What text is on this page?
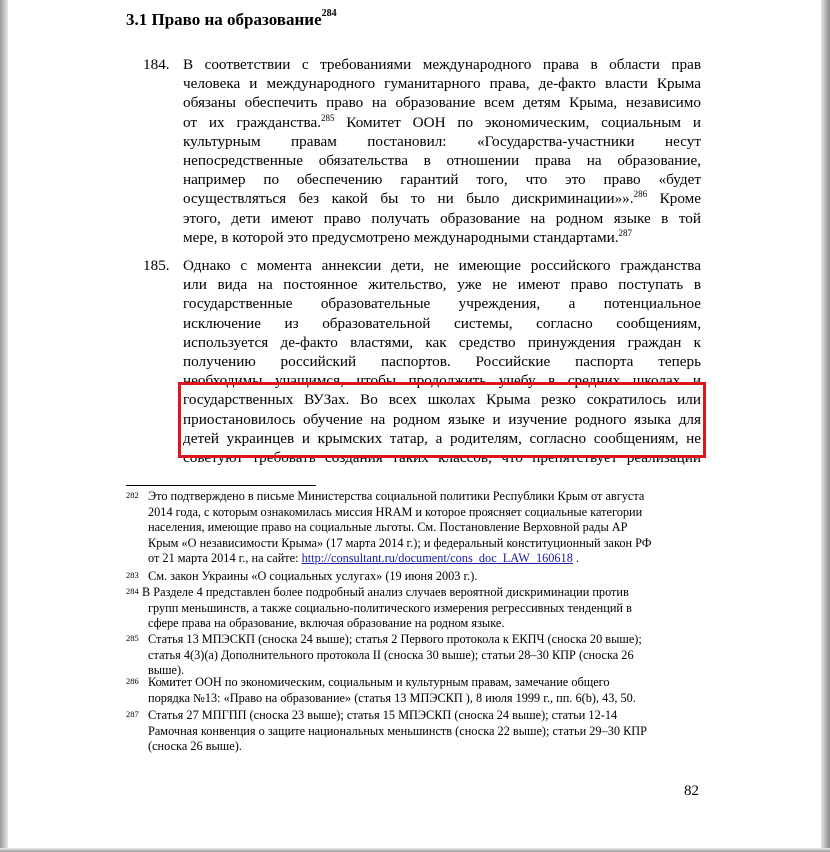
3.1 Право на образование$^{284}$
184. В соответствии с требованиями международного права в области прав
человека и международного гуманитарного права, де-факто власти Крыма
обязаны обеспечить право на образование всем детям Крыма, независимо
от их гражданства.$^{285}$ Комитет ООН по экономическим, социальным и
культурным правам постановил: «Государства-участники несут
непосредственные обязательства в отношении права на образование,
например по обеспечению гарантий того, что это право «будет
осуществляться без какой бы то ни было дискриминации»».$^{286}$ Кроме
этого, дети имеют право получать образование на родном языке в той
мере, в которой это предусмотрено международными стандартами.$^{287}$
185. Однако с момента аннексии дети, не имеющие российского гражданства
или вида на постоянное жительство, уже не имеют право поступать в
государственные образовательные учреждения, а потенциальное
исключение из образовательной системы, согласно сообщениям,
используется де-факто властями, как средство принуждения граждан к
получению российский паспортов. Российские паспорта теперь
необходимы учащимся, чтобы продолжить учебу в средних школах и
государственных ВУЗах. Во всех школах Крыма резко сократилось или
приостановилось обучение на родном языке и изучение родного языка для
детей украинцев и крымских татар, а родителям, согласно сообщениям, не
советуют требовать создания таких классов, что препятствует реализации
282 Это подтверждено в письме Министерства социальной политики Республики Крым от августа
2014 года, с которым ознакомилась миссия HRAM и которое проясняет социальные категории
населения, имеющие право на социальные льготы. См. Постановление Верховной рады АР
Крым «О независимости Крыма» (17 марта 2014 г.); и федеральный конституционный закон РФ
от 21 марта 2014 г., на сайте: http://consultant.ru/document/cons_doc_LAW_160618 .
283 См. закон Украины «О социальных услугах» (19 июня 2003 г.).
284 В Разделе 4 представлен более подробный анализ случаев вероятной дискриминации против
групп меньшинств, а также социально-политического измерения регрессивных тенденций в
сфере права на образование, включая образование на родном языке.
285 Статья 13 МПЭСКП (сноска 24 выше); статья 2 Первого протокола к ЕКПЧ (сноска 20 выше);
статья 4(3)(a) Дополнительного протокола II (сноска 30 выше); статьи 28–30 КПР (сноска 26
выше).
286 Комитет ООН по экономическим, социальным и культурным правам, замечание общего
порядка №13: «Право на образование» (статья 13 МПЭСКП ), 8 июля 1999 г., пп. 6(b), 43, 50.
287 Статья 27 МПГПП (сноска 23 выше); статья 15 МПЭСКП (сноска 24 выше); статьи 12-14
Рамочная конвенция о защите национальных меньшинств (сноска 22 выше); статьи 29–30 КПР
(сноска 26 выше).
82
